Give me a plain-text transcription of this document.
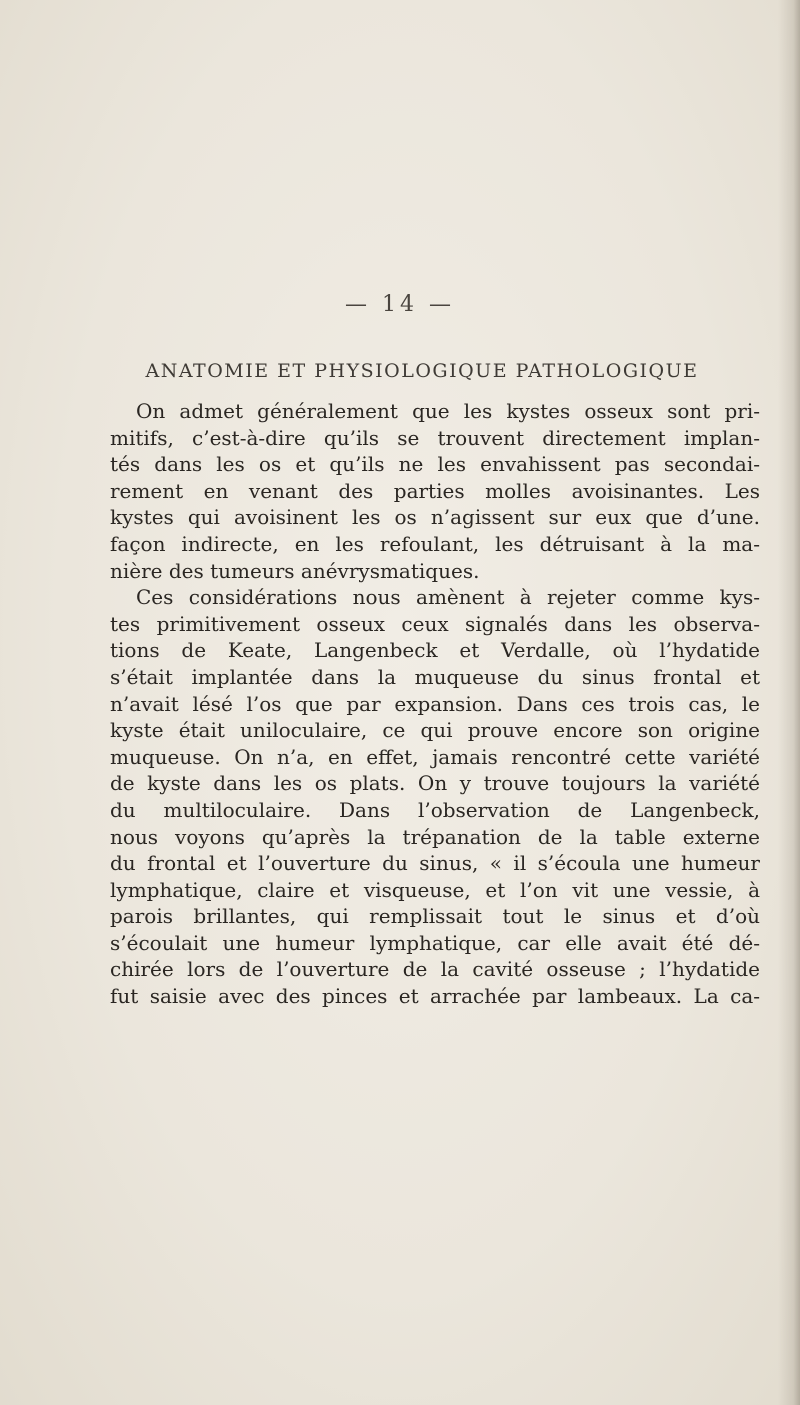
— 14 —
ANATOMIE ET PHYSIOLOGIQUE PATHOLOGIQUE
On admet généralement que les kystes osseux sont pri-
mitifs, c’est-à-dire qu’ils se trouvent directement implan-
tés dans les os et qu’ils ne les envahissent pas secondai-
rement en venant des parties molles avoisinantes. Les
kystes qui avoisinent les os n’agissent sur eux que d’une.
façon indirecte, en les refoulant, les détruisant à la ma-
nière des tumeurs anévrysmatiques.
Ces considérations nous amènent à rejeter comme kys-
tes primitivement osseux ceux signalés dans les observa-
tions de Keate, Langenbeck et Verdalle, où l’hydatide
s’était implantée dans la muqueuse du sinus frontal et
n’avait lésé l’os que par expansion. Dans ces trois cas, le
kyste était uniloculaire, ce qui prouve encore son origine
muqueuse. On n’a, en effet, jamais rencontré cette variété
de kyste dans les os plats. On y trouve toujours la variété
du multiloculaire. Dans l’observation de Langenbeck,
nous voyons qu’après la trépanation de la table externe
du frontal et l’ouverture du sinus, « il s’écoula une humeur
lymphatique, claire et visqueuse, et l’on vit une vessie, à
parois brillantes, qui remplissait tout le sinus et d’où
s’écoulait une humeur lymphatique, car elle avait été dé-
chirée lors de l’ouverture de la cavité osseuse ; l’hydatide
fut saisie avec des pinces et arrachée par lambeaux. La ca-
